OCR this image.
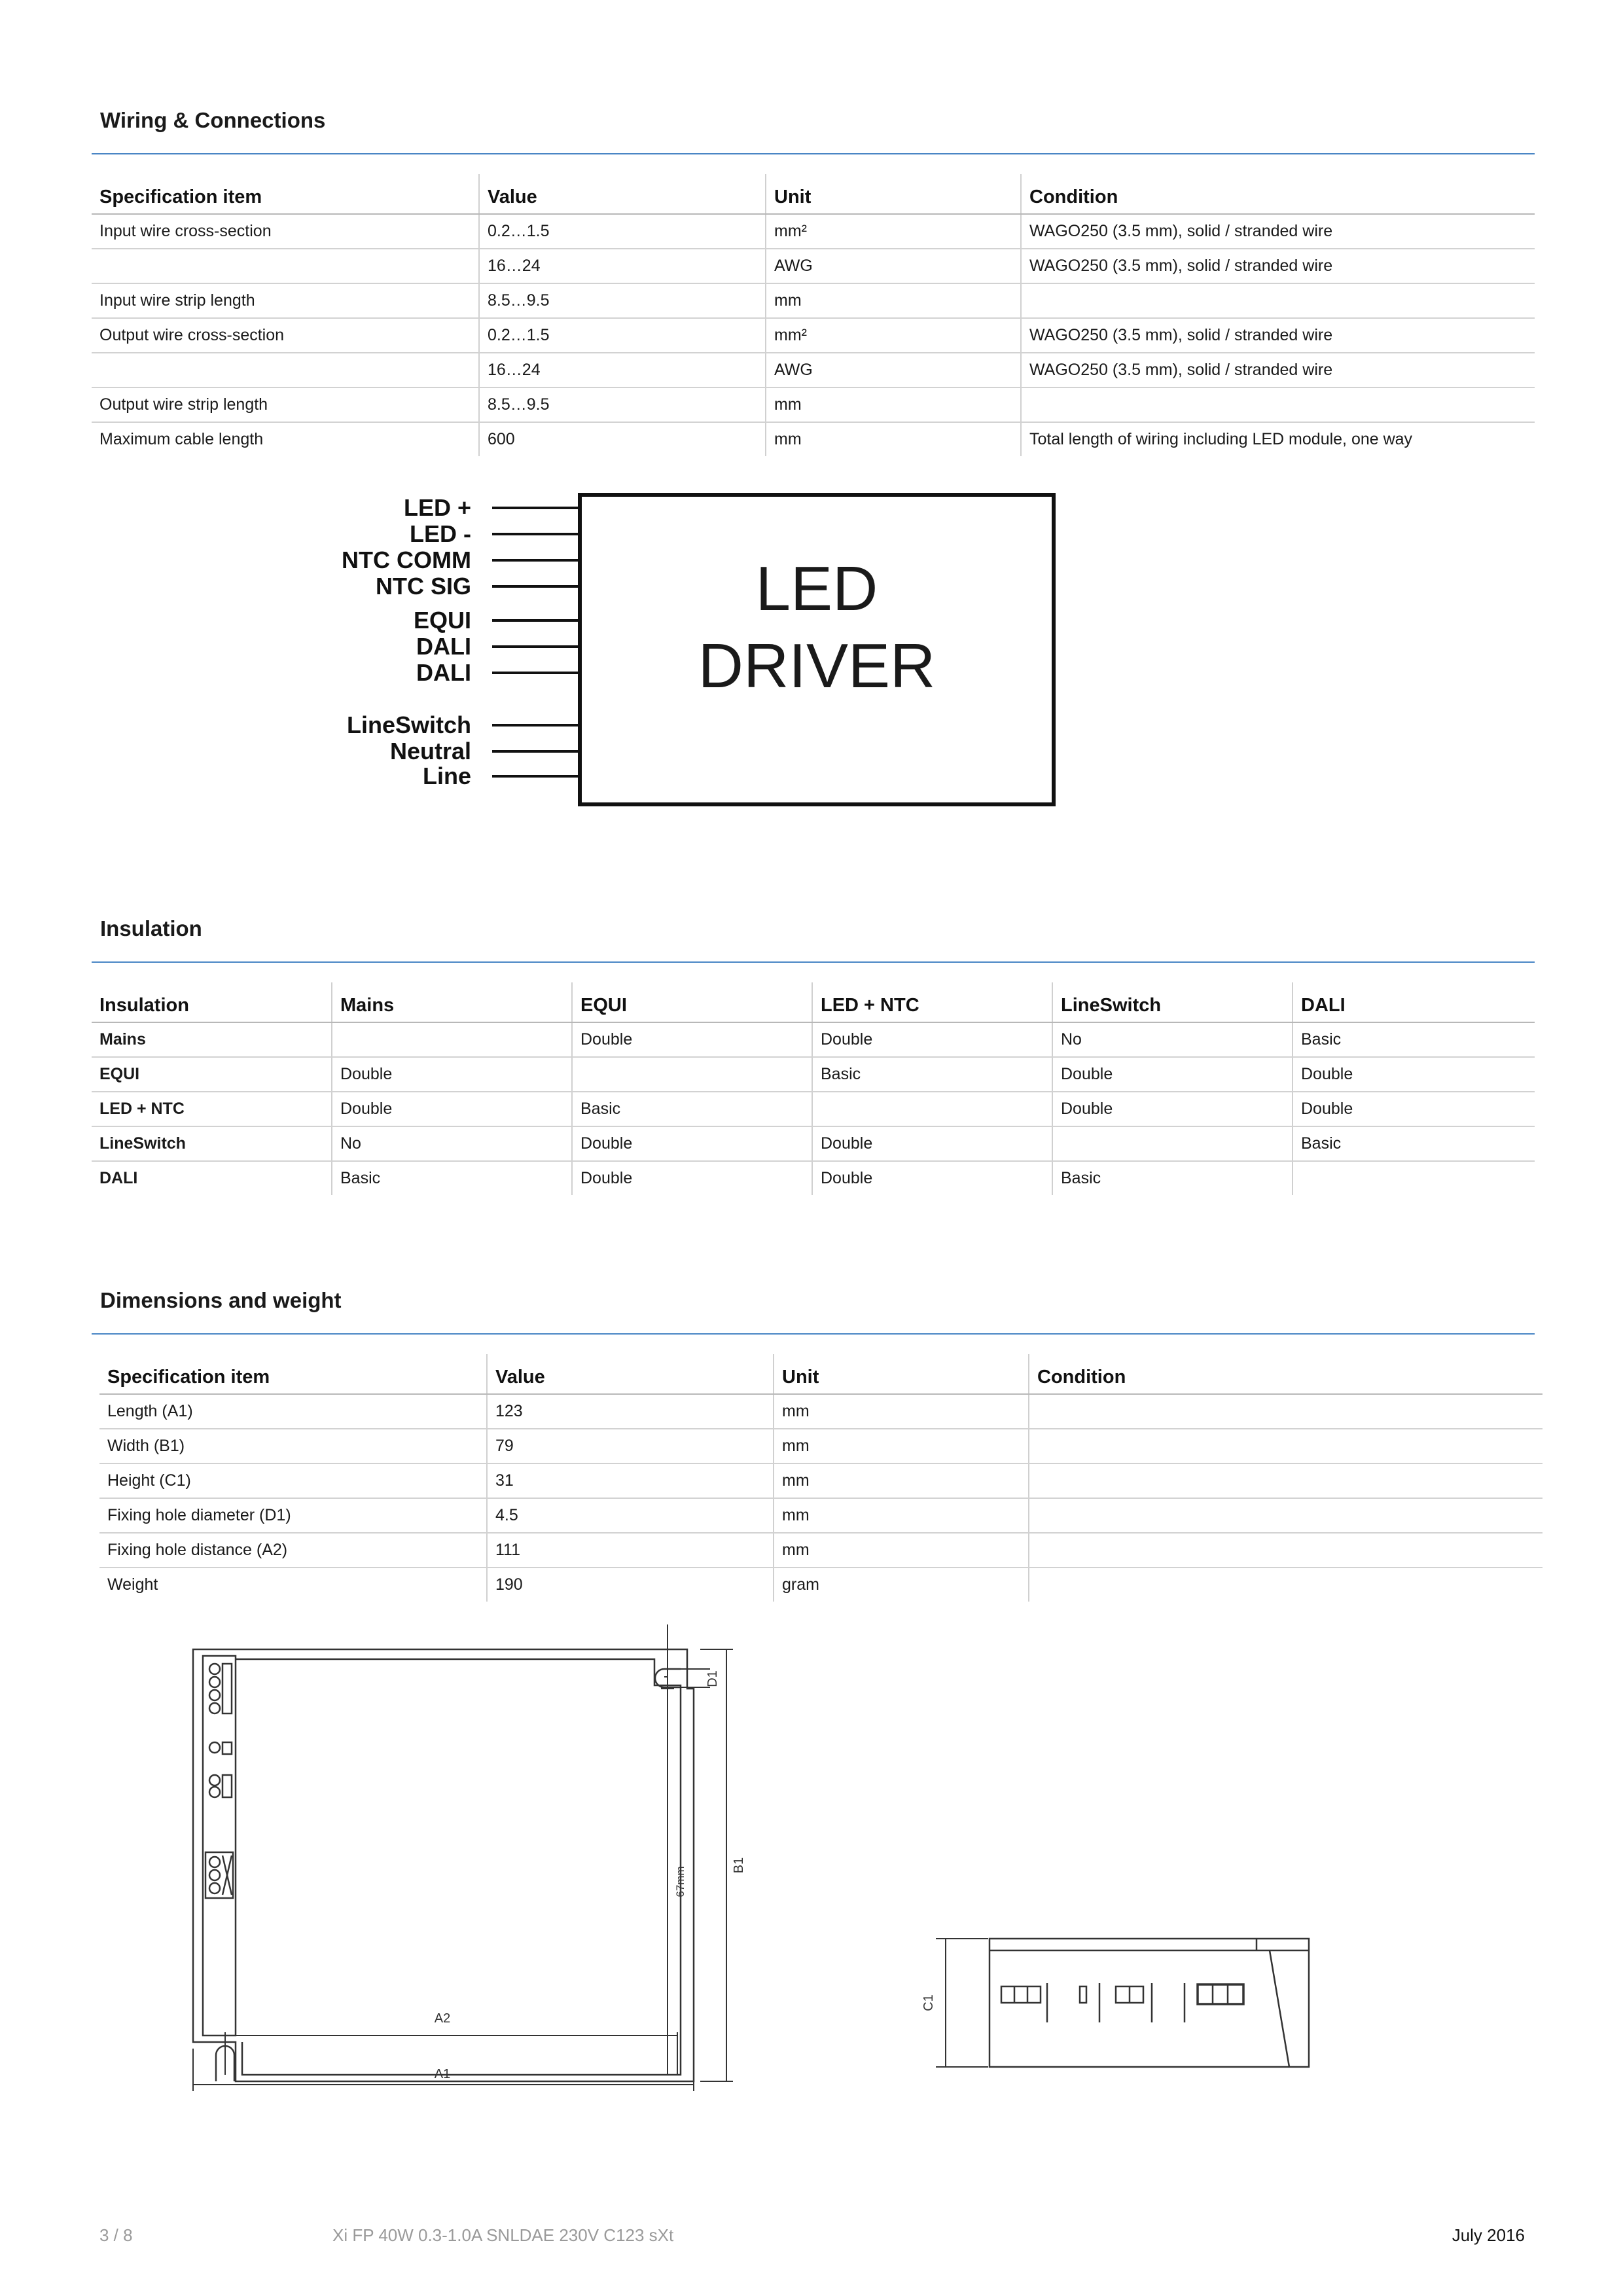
Wiring & Connections
Specification item	Value	Unit	Condition
Input wire cross-section	0.2…1.5	mm²	WAGO250 (3.5 mm), solid / stranded wire
	16…24	AWG	WAGO250 (3.5 mm), solid / stranded wire
Input wire strip length	8.5…9.5	mm	
Output wire cross-section	0.2…1.5	mm²	WAGO250 (3.5 mm), solid / stranded wire
	16…24	AWG	WAGO250 (3.5 mm), solid / stranded wire
Output wire strip length	8.5…9.5	mm	
Maximum cable length	600	mm	Total length of wiring including LED module, one way
LED
DRIVER
LED +
LED -
NTC COMM
NTC SIG
EQUI
DALI
DALI
LineSwitch
Neutral
Line
Insulation
Insulation	Mains	EQUI	LED + NTC	LineSwitch	DALI
Mains		Double	Double	No	Basic
EQUI	Double		Basic	Double	Double
LED + NTC	Double	Basic		Double	Double
LineSwitch	No	Double	Double		Basic
DALI	Basic	Double	Double	Basic	
Dimensions and weight
Specification item	Value	Unit	Condition
Length (A1)	123	mm	
Width (B1)	79	mm	
Height (C1)	31	mm	
Fixing hole diameter (D1)	4.5	mm	
Fixing hole distance (A2)	111	mm	
Weight	190	gram	
A2
A1
B1
67mm
D1
C1
3 / 8	Xi FP 40W 0.3-1.0A SNLDAE 230V C123 sXt	July 2016
